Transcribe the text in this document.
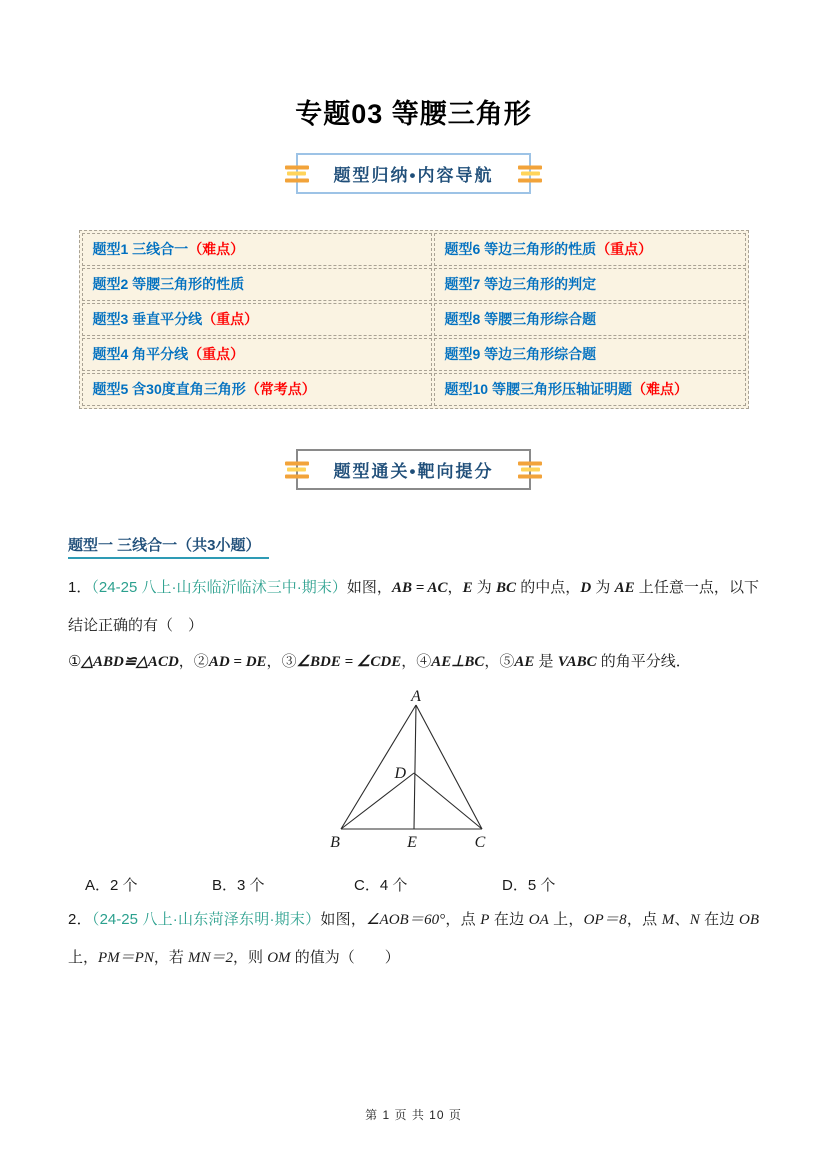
专题03 等腰三角形
题型归纳•内容导航
题型1 三线合一（难点）	题型6 等边三角形的性质（重点）
题型2 等腰三角形的性质	题型7 等边三角形的判定
题型3 垂直平分线（重点）	题型8 等腰三角形综合题
题型4 角平分线（重点）	题型9 等边三角形综合题
题型5 含30度直角三角形（常考点）	题型10 等腰三角形压轴证明题（难点）
题型通关•靶向提分
题型一 三线合一（共3小题）

1．（24-25 八上·山东临沂临沭三中·期末）如图，AB = AC，E 为 BC 的中点，D 为 AE 上任意一点，以下结论正确的有（　）

①△ABD≌△ACD，②AD = DE，③∠BDE = ∠CDE，④AE⊥BC，⑤AE 是 VABC 的角平分线．

A
D
B	E	C

A．2 个	B．3 个	C．4 个	D．5 个

2．（24-25 八上·山东菏泽东明·期末）如图，∠AOB＝60°，点 P 在边 OA 上，OP＝8，点 M、N 在边 OB 上，PM＝PN，若 MN＝2，则 OM 的值为（　　）

第 1 页 共 10 页
